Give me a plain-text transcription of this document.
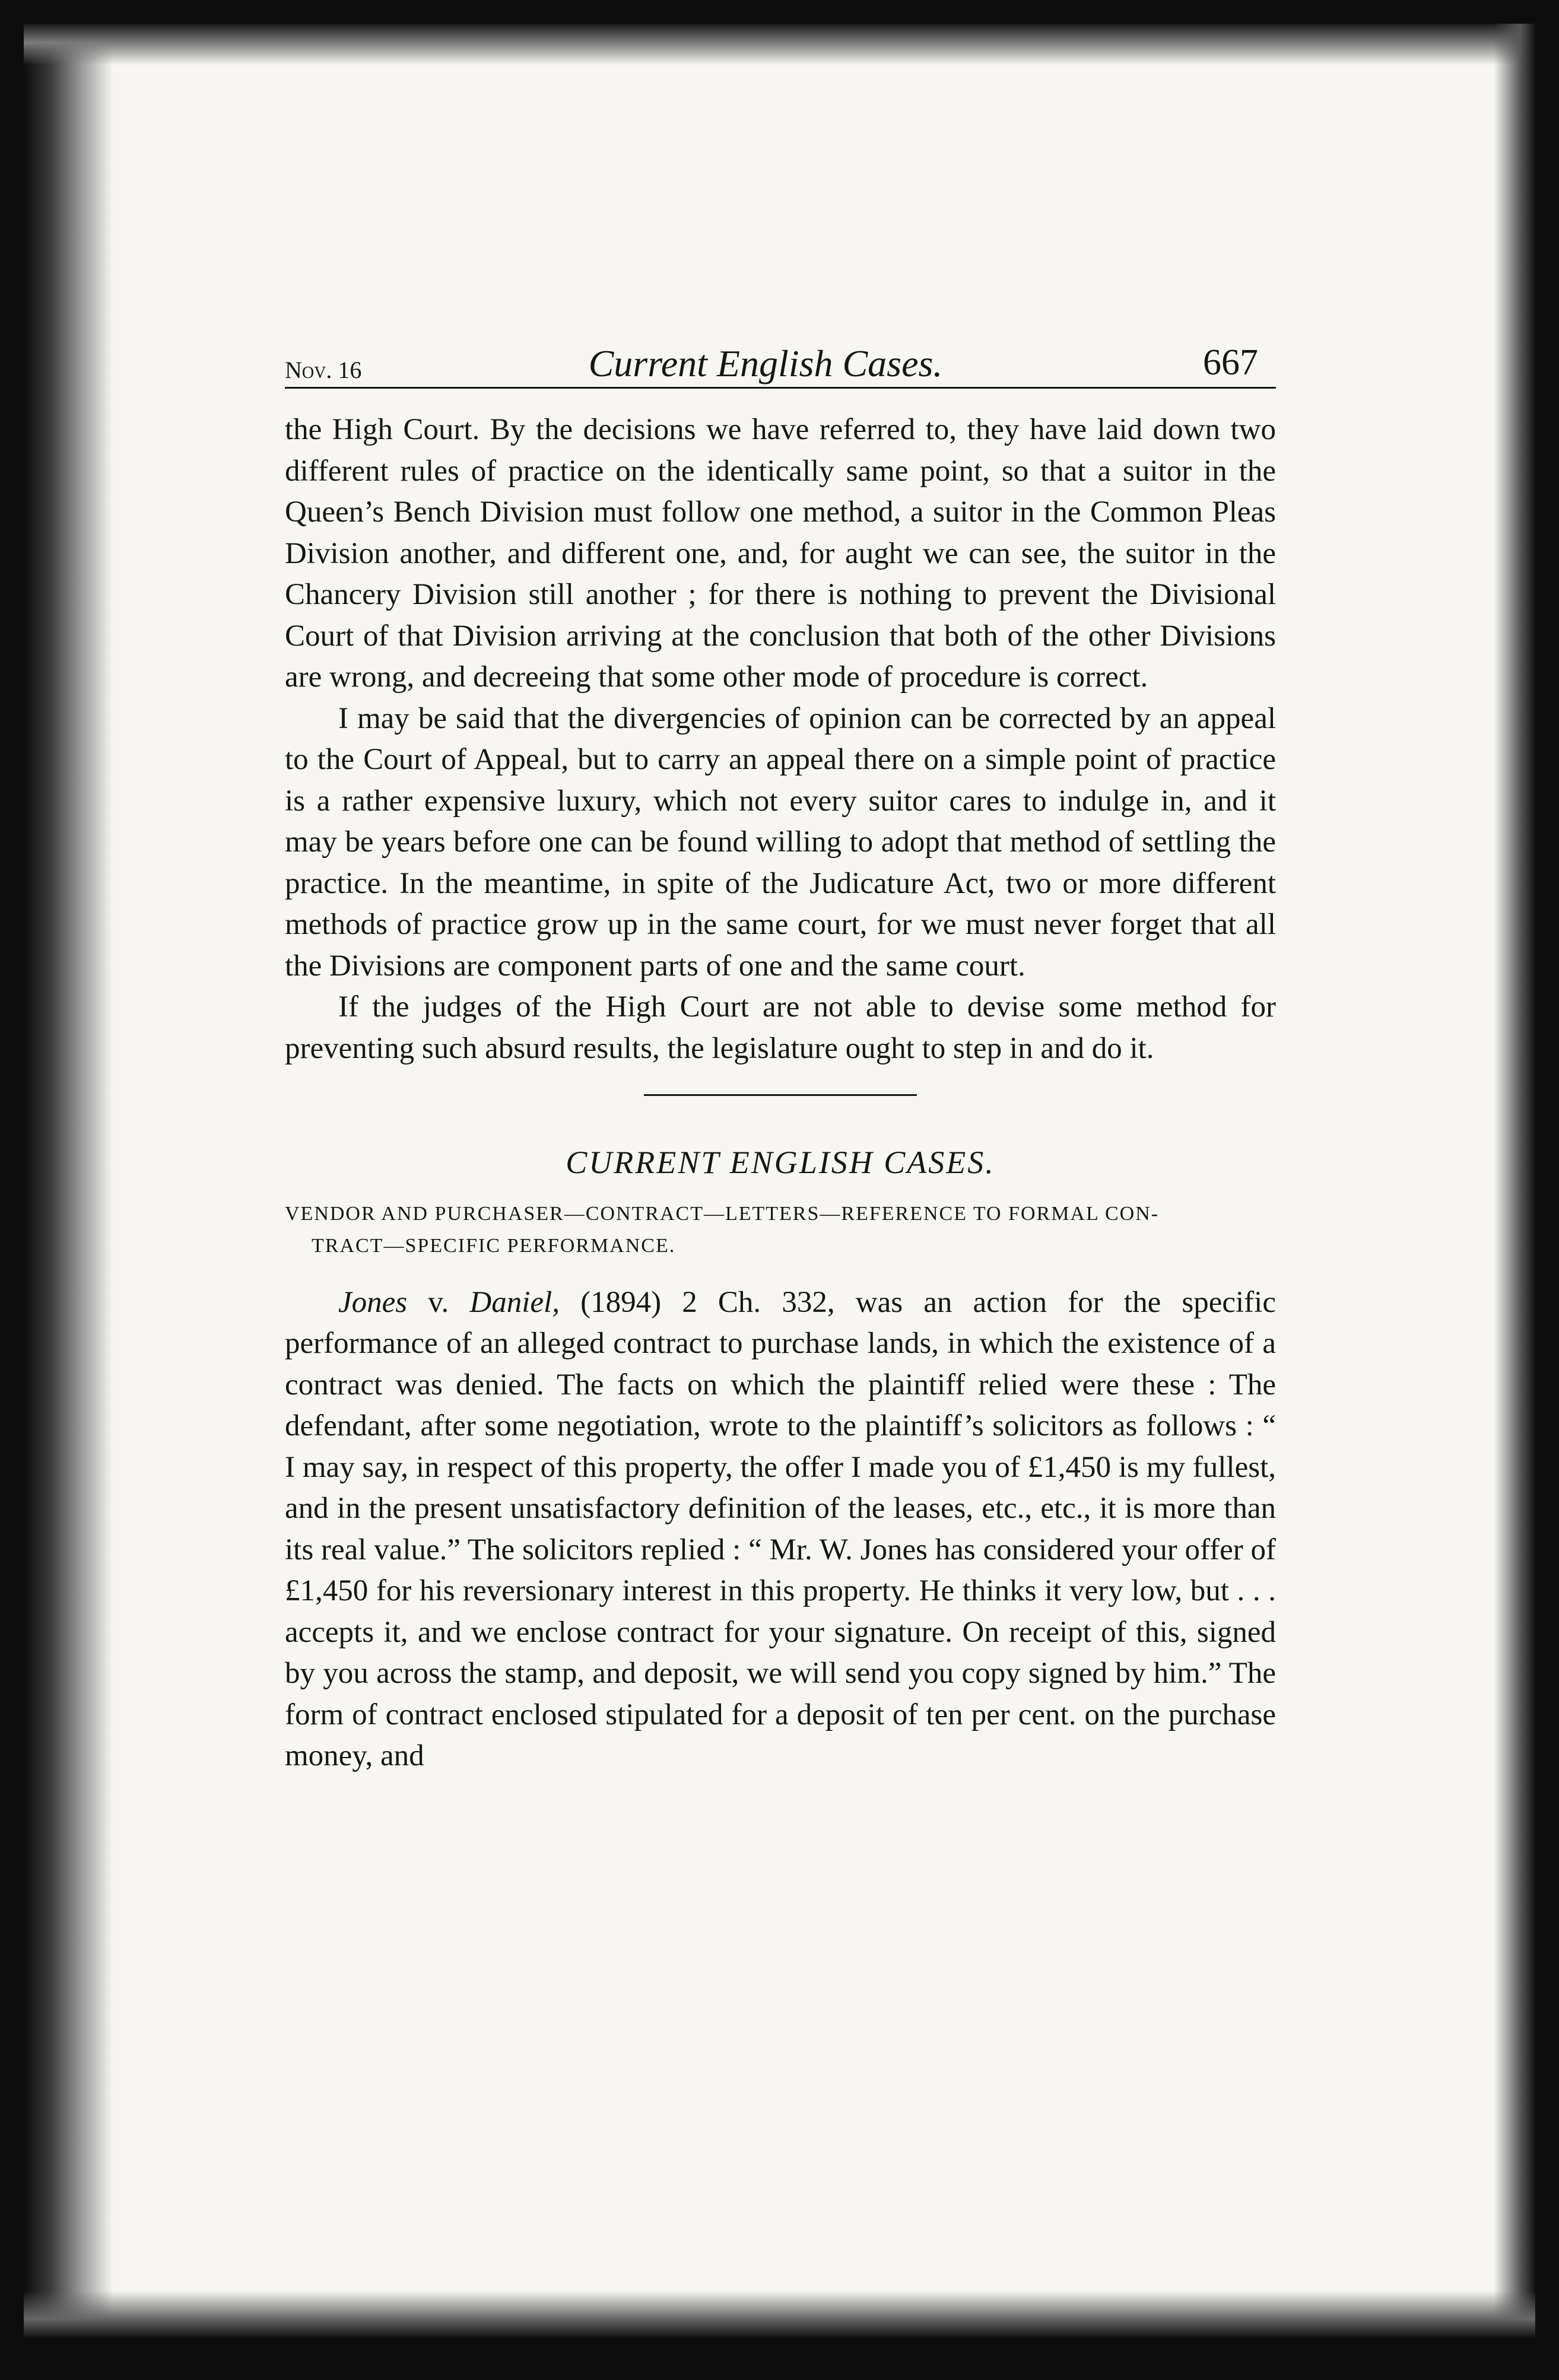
Nov. 16	Current English Cases.	667

the High Court. By the decisions we have referred to, they have laid down two different rules of practice on the identically same point, so that a suitor in the Queen’s Bench Division must follow one method, a suitor in the Common Pleas Division another, and different one, and, for aught we can see, the suitor in the Chancery Division still another ; for there is nothing to prevent the Divisional Court of that Division arriving at the conclusion that both of the other Divisions are wrong, and decreeing that some other mode of procedure is correct.

I may be said that the divergencies of opinion can be corrected by an appeal to the Court of Appeal, but to carry an appeal there on a simple point of practice is a rather expensive luxury, which not every suitor cares to indulge in, and it may be years before one can be found willing to adopt that method of settling the practice. In the meantime, in spite of the Judicature Act, two or more different methods of practice grow up in the same court, for we must never forget that all the Divisions are component parts of one and the same court.

If the judges of the High Court are not able to devise some method for preventing such absurd results, the legislature ought to step in and do it.

CURRENT ENGLISH CASES.
VENDOR AND PURCHASER—CONTRACT—LETTERS—REFERENCE TO FORMAL CON-
TRACT—SPECIFIC PERFORMANCE.

Jones v. Daniel, (1894) 2 Ch. 332, was an action for the specific performance of an alleged contract to purchase lands, in which the existence of a contract was denied. The facts on which the plaintiff relied were these : The defendant, after some negotiation, wrote to the plaintiff’s solicitors as follows : “ I may say, in respect of this property, the offer I made you of £1,450 is my fullest, and in the present unsatisfactory definition of the leases, etc., etc., it is more than its real value.” The solicitors replied : “ Mr. W. Jones has considered your offer of £1,450 for his reversionary interest in this property. He thinks it very low, but . . . accepts it, and we enclose contract for your signature. On receipt of this, signed by you across the stamp, and deposit, we will send you copy signed by him.” The form of contract enclosed stipulated for a deposit of ten per cent. on the purchase money, and
